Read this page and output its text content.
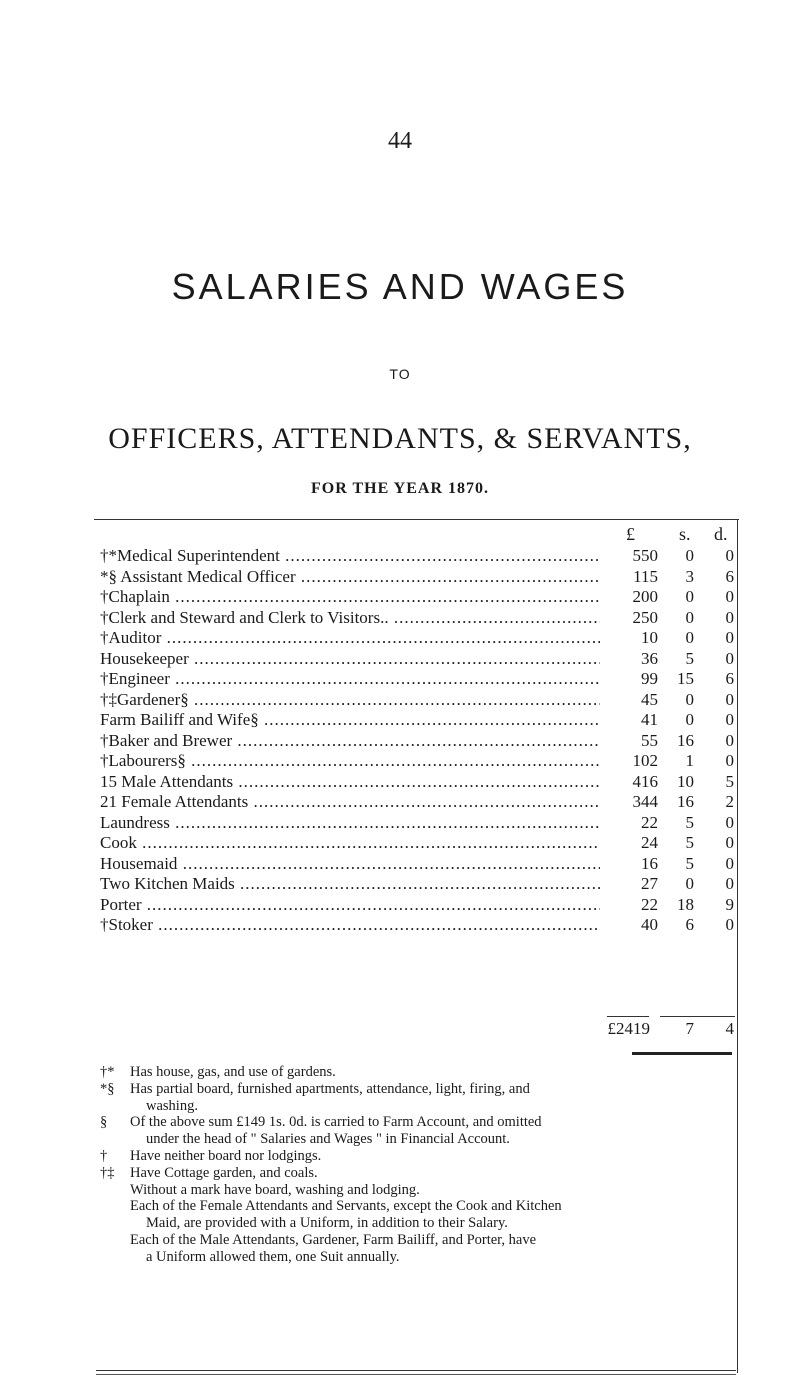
44
SALARIES AND WAGES
TO
OFFICERS, ATTENDANTS, & SERVANTS,
FOR THE YEAR 1870.
£ s. d.
†*Medical Superintendent .....	550	0	0
*§ Assistant Medical Officer .....	115	3	6
†Chaplain .....	200	0	0
†Clerk and Steward and Clerk to Visitors.. .....	250	0	0
†Auditor .....	10	0	0
Housekeeper .....	36	5	0
†Engineer .....	99	15	6
†‡Gardener§ .....	45	0	0
Farm Bailiff and Wife§ .....	41	0	0
†Baker and Brewer .....	55	16	0
†Labourers§ .....	102	1	0
15 Male Attendants .....	416	10	5
21 Female Attendants .....	344	16	2
Laundress .....	22	5	0
Cook .....	24	5	0
Housemaid .....	16	5	0
Two Kitchen Maids .....	27	0	0
Porter .....	22	18	9
†Stoker .....	40	6	0
£2419 7 4
†*	Has house, gas, and use of gardens.
*§	Has partial board, furnished apartments, attendance, light, firing, and
washing.
§	Of the above sum £149 1s. 0d. is carried to Farm Account, and omitted
under the head of " Salaries and Wages " in Financial Account.
†	Have neither board nor lodgings.
†‡	Have Cottage garden, and coals.
Without a mark have board, washing and lodging.
Each of the Female Attendants and Servants, except the Cook and Kitchen
Maid, are provided with a Uniform, in addition to their Salary.
Each of the Male Attendants, Gardener, Farm Bailiff, and Porter, have
a Uniform allowed them, one Suit annually.
